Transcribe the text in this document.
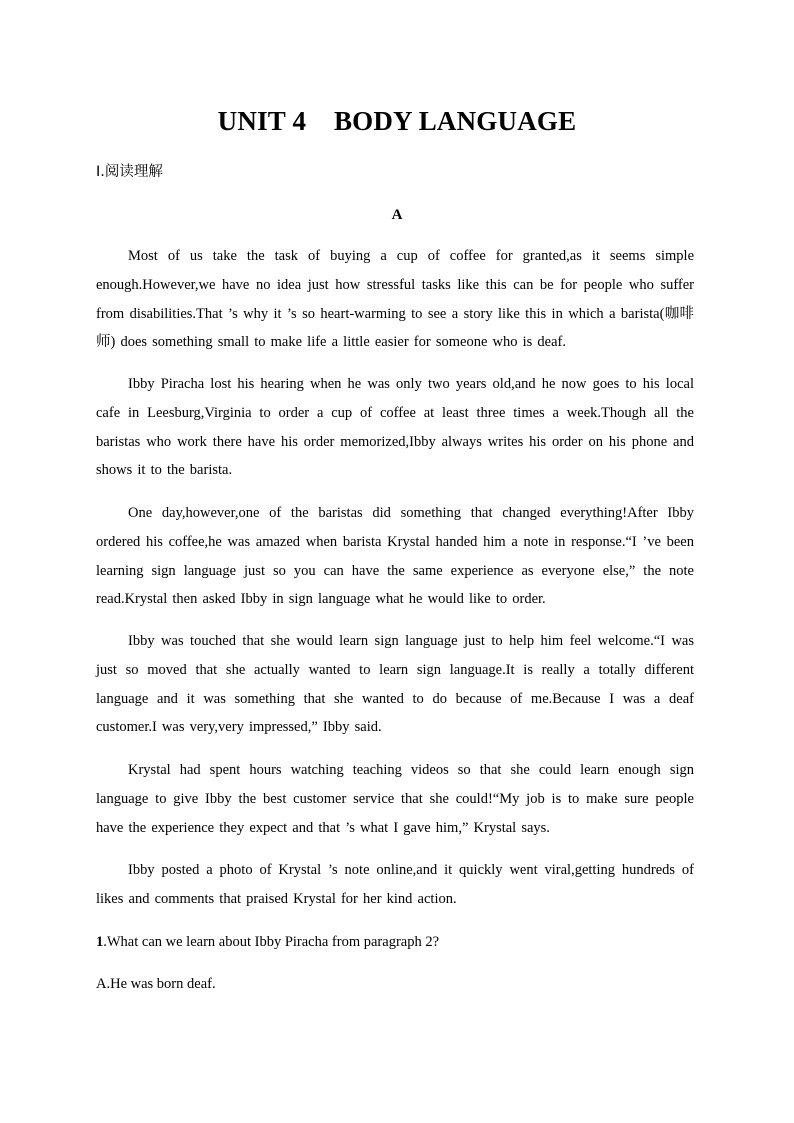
UNIT 4    BODY LANGUAGE
Ⅰ.阅读理解
A

Most of us take the task of buying a cup of coffee for granted,as it seems simple enough.However,we have no idea just how stressful tasks like this can be for people who suffer from disabilities.That ’s why it ’s so heart-warming to see a story like this in which a barista(咖啡师) does something small to make life a little easier for someone who is deaf.

Ibby Piracha lost his hearing when he was only two years old,and he now goes to his local cafe in Leesburg,Virginia to order a cup of coffee at least three times a week.Though all the baristas who work there have his order memorized,Ibby always writes his order on his phone and shows it to the barista.

One day,however,one of the baristas did something that changed everything!After Ibby ordered his coffee,he was amazed when barista Krystal handed him a note in response.“I ’ve been learning sign language just so you can have the same experience as everyone else,” the note read.Krystal then asked Ibby in sign language what he would like to order.

Ibby was touched that she would learn sign language just to help him feel welcome.“I was just so moved that she actually wanted to learn sign language.It is really a totally different language and it was something that she wanted to do because of me.Because I was a deaf customer.I was very,very impressed,” Ibby said.

Krystal had spent hours watching teaching videos so that she could learn enough sign language to give Ibby the best customer service that she could!“My job is to make sure people have the experience they expect and that ’s what I gave him,” Krystal says.

Ibby posted a photo of Krystal ’s note online,and it quickly went viral,getting hundreds of likes and comments that praised Krystal for her kind action.

1.What can we learn about Ibby Piracha from paragraph 2?
A.He was born deaf.
